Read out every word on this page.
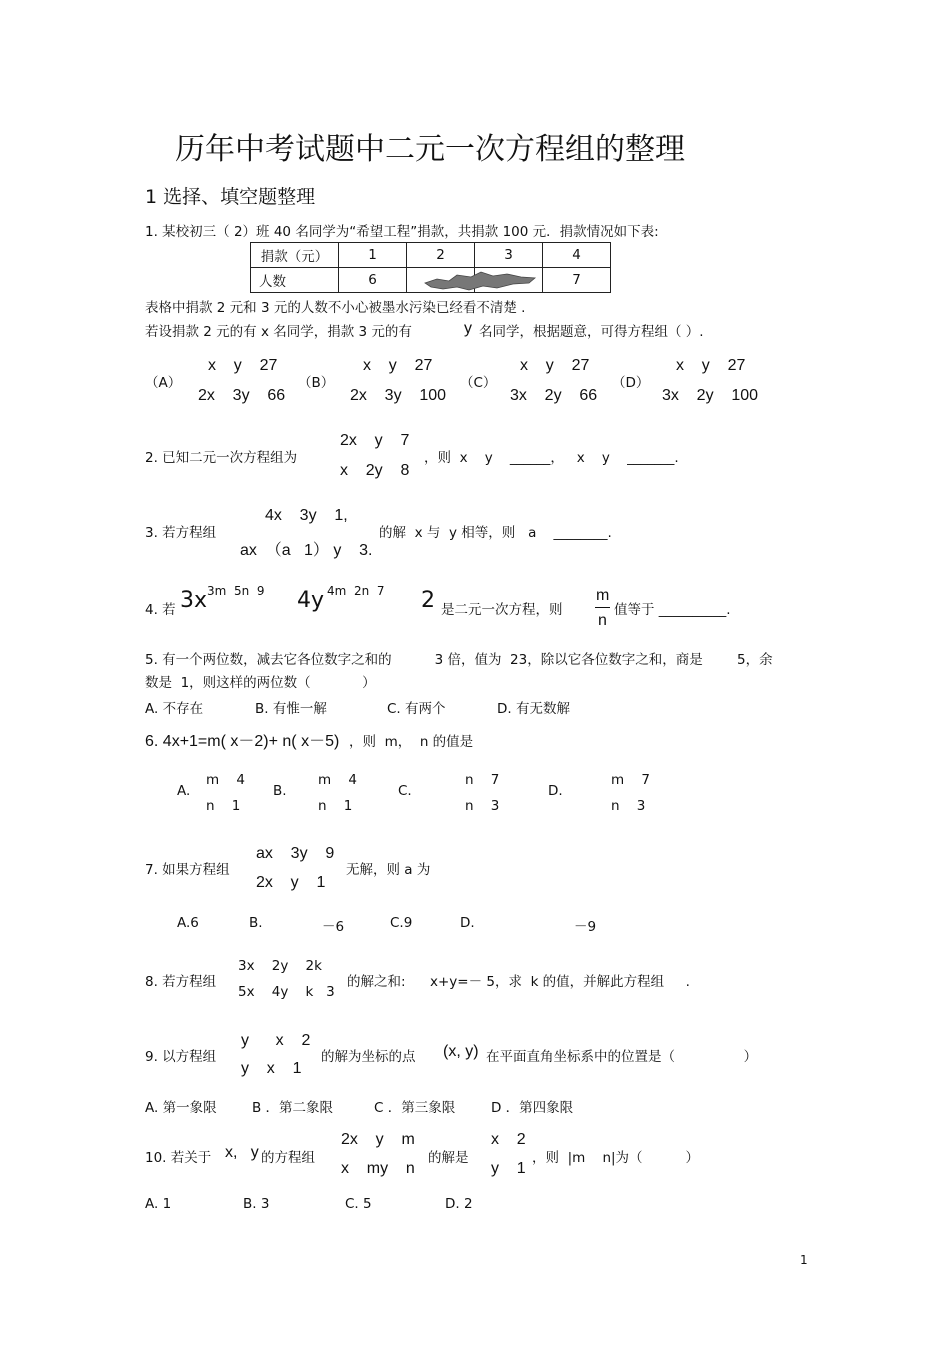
历年中考试题中二元一次方程组的整理
1 选择、填空题整理
1. 某校初三（ 2）班 40 名同学为“希望工程”捐款，共捐款 100 元．捐款情况如下表:
捐款（元）	1	2	3	4
人数	6			7
表格中捐款 2 元和 3 元的人数不小心被墨水污染已经看不清楚 .
若设捐款 2 元的有 x 名同学，捐款 3 元的有	y 名同学，根据题意，可得方程组（ ）.
（A）
x    y    27
2x    3y    66
（B）
x    y    27
2x    3y    100
（C）
x    y    27
3x    2y    66
（D）
x    y    27
3x    2y    100
2. 已知二元一次方程组为
2x    y    7
x    2y    8
，则  x    y    ______，   x    y    _______.
3. 若方程组
4x    3y    1,
ax  （a   1） y    3.
的解  x 与  y 相等，则   a    ________.
4. 若 3x 3m  5n  9 4y 4m  2n  7 2 是二元一次方程，则
m
n
值等于 __________.
5. 有一个两位数，减去它各位数字之和的          3 倍，值为  23，除以它各位数字之和，商是        5，余
数是  1，则这样的两位数（            ）
A. 不存在	B. 有惟一解	C. 有两个	D. 有无数解
6. 4x+1=m( x－2)+ n( x－5) ，则  m，  n 的值是
A.
m    4
n    1
B.
m    4
n    1
C.
n    7
n    3
D.
m    7
n    3
7. 如果方程组
ax    3y    9
2x    y    1
无解，则 a 为
A.6	B.	－6	C.9	D.	－9
8. 若方程组
3x    2y    2k
5x    4y    k   3
的解之和: x+y=－ 5，求  k 的值，并解此方程组     .
9. 以方程组
y      x    2
y    x    1
的解为坐标的点 (x, y) 在平面直角坐标系中的位置是（                ）
A. 第一象限	B ．第二象限	C ．第三象限	D ．第四象限
10. 若关于 x,   y 的方程组
2x    y    m
x    my    n
的解是
x    2
y    1
，则  |m    n|为（          ）
A. 1	B. 3	C. 5	D. 2
1
